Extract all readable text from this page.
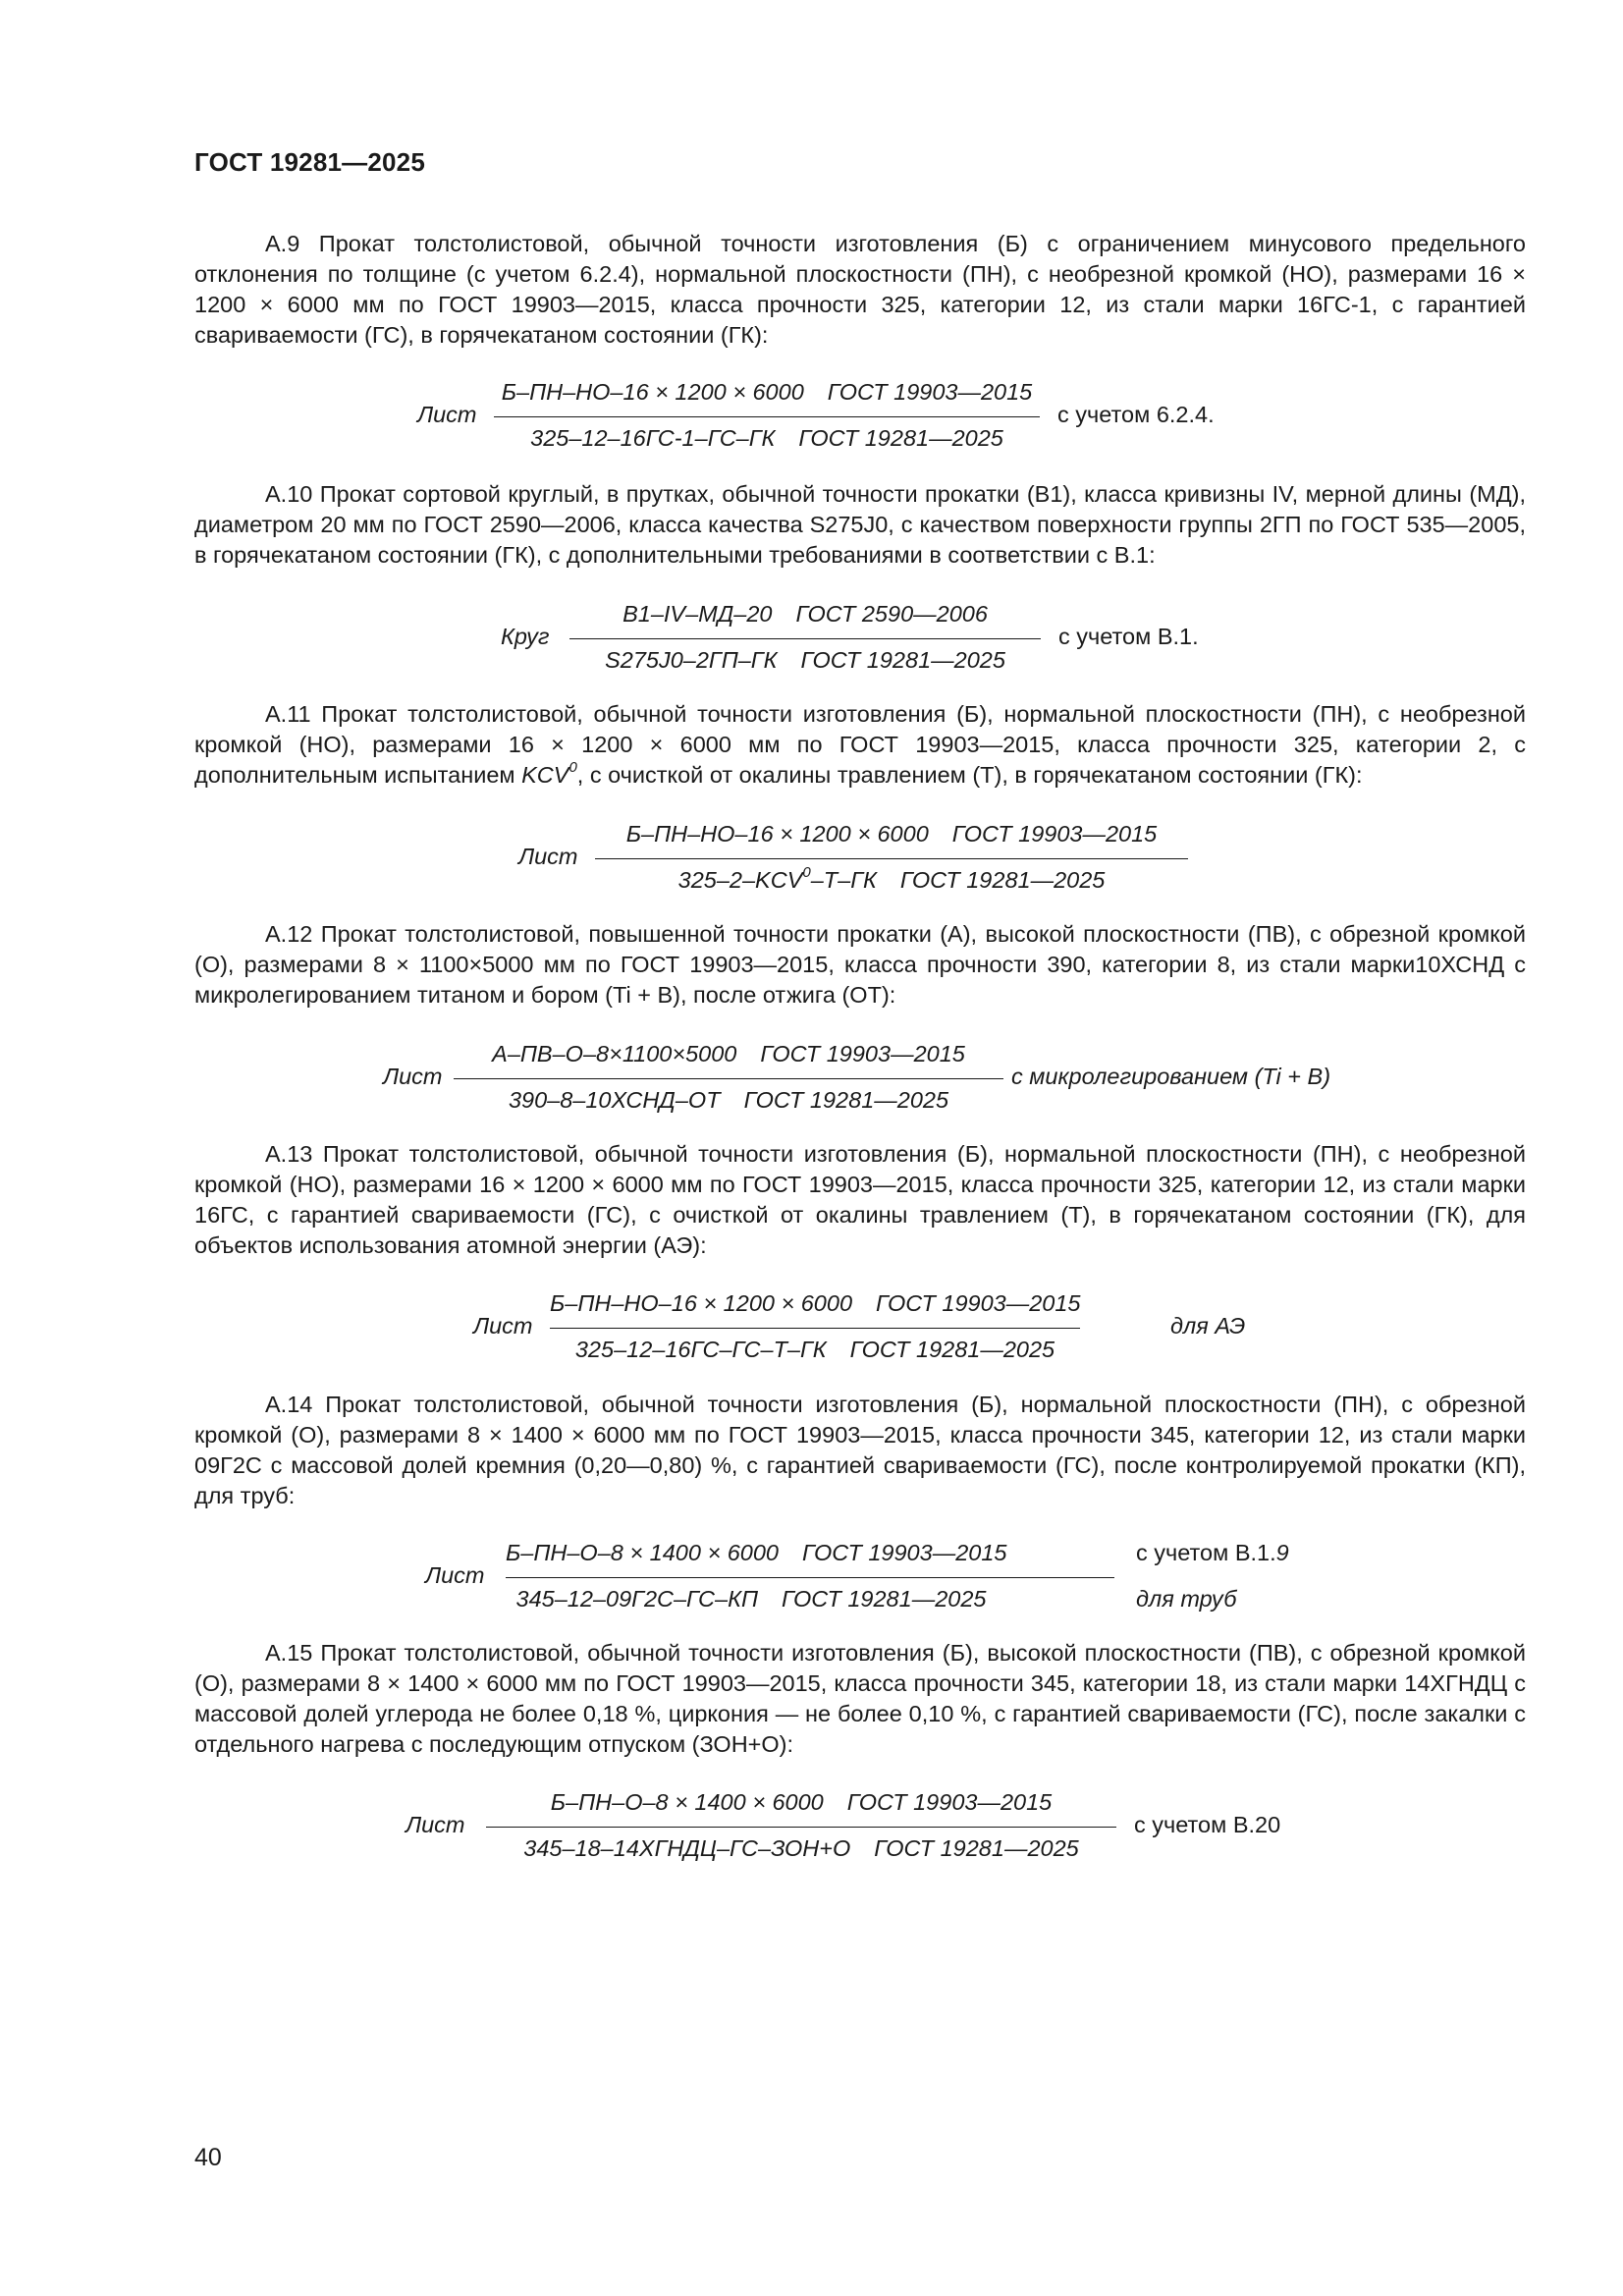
ГОСТ 19281—2025

А.9 Прокат толстолистовой, обычной точности изготовления (Б) с ограничением минусового предельного отклонения по толщине (с учетом 6.2.4), нормальной плоскостности (ПН), с необрезной кромкой (НО), размерами 16 × 1200 × 6000 мм по ГОСТ 19903—2015, класса прочности 325, категории 12, из стали марки 16ГС-1, с гарантией свариваемости (ГС), в горячекатаном состоянии (ГК):

Лист
Б–ПН–НО–16 × 1200 × 6000 ГОСТ 19903—2015
325–12–16ГС-1–ГС–ГК ГОСТ 19281—2025
с учетом 6.2.4.

А.10 Прокат сортовой круглый, в прутках, обычной точности прокатки (В1), класса кривизны IV, мерной длины (МД), диаметром 20 мм по ГОСТ 2590—2006, класса качества S275J0, с качеством поверхности группы 2ГП по ГОСТ 535—2005, в горячекатаном состоянии (ГК), с дополнительными требованиями в соответствии с В.1:

Круг
В1–IV–МД–20 ГОСТ 2590—2006
S275J0–2ГП–ГК ГОСТ 19281—2025
с учетом В.1.

А.11 Прокат толстолистовой, обычной точности изготовления (Б), нормальной плоскостности (ПН), с необрезной кромкой (НО), размерами 16 × 1200 × 6000 мм по ГОСТ 19903—2015, класса прочности 325, категории 2, с дополнительным испытанием KCV$^0$, с очисткой от окалины травлением (Т), в горячекатаном состоянии (ГК):

Лист
Б–ПН–НО–16 × 1200 × 6000 ГОСТ 19903—2015
325–2–KCV$^0$–Т–ГК ГОСТ 19281—2025

А.12 Прокат толстолистовой, повышенной точности прокатки (А), высокой плоскостности (ПВ), с обрезной кромкой (О), размерами 8 × 1100×5000 мм по ГОСТ 19903—2015, класса прочности 390, категории 8, из стали марки10ХСНД с микролегированием титаном и бором (Ti + B), после отжига (ОТ):

Лист
А–ПВ–О–8×1100×5000 ГОСТ 19903—2015
390–8–10ХСНД–ОТ ГОСТ 19281—2025
с микролегированием (Ti + B)

А.13 Прокат толстолистовой, обычной точности изготовления (Б), нормальной плоскостности (ПН), с необрезной кромкой (НО), размерами 16 × 1200 × 6000 мм по ГОСТ 19903—2015, класса прочности 325, категории 12, из стали марки 16ГС, с гарантией свариваемости (ГС), с очисткой от окалины травлением (Т), в горячекатаном состоянии (ГК), для объектов использования атомной энергии (АЭ):

Лист
Б–ПН–НО–16 × 1200 × 6000 ГОСТ 19903—2015
325–12–16ГС–ГС–Т–ГК ГОСТ 19281—2025
для АЭ

А.14 Прокат толстолистовой, обычной точности изготовления (Б), нормальной плоскостности (ПН), с обрезной кромкой (О), размерами 8 × 1400 × 6000 мм по ГОСТ 19903—2015, класса прочности 345, категории 12, из стали марки 09Г2С с массовой долей кремния (0,20—0,80) %, с гарантией свариваемости (ГС), после контролируемой прокатки (КП), для труб:

Лист
Б–ПН–О–8 × 1400 × 6000 ГОСТ 19903—2015
345–12–09Г2С–ГС–КП ГОСТ 19281—2025
с учетом В.1.9
для труб

А.15 Прокат толстолистовой, обычной точности изготовления (Б), высокой плоскостности (ПВ), с обрезной кромкой (О), размерами 8 × 1400 × 6000 мм по ГОСТ 19903—2015, класса прочности 345, категории 18, из стали марки 14ХГНДЦ с массовой долей углерода не более 0,18 %, циркония — не более 0,10 %, с гарантией свариваемости (ГС), после закалки с отдельного нагрева с последующим отпуском (ЗОН+О):

Лист
Б–ПН–О–8 × 1400 × 6000 ГОСТ 19903—2015
345–18–14ХГНДЦ–ГС–ЗОН+О ГОСТ 19281—2025
с учетом В.20
40
